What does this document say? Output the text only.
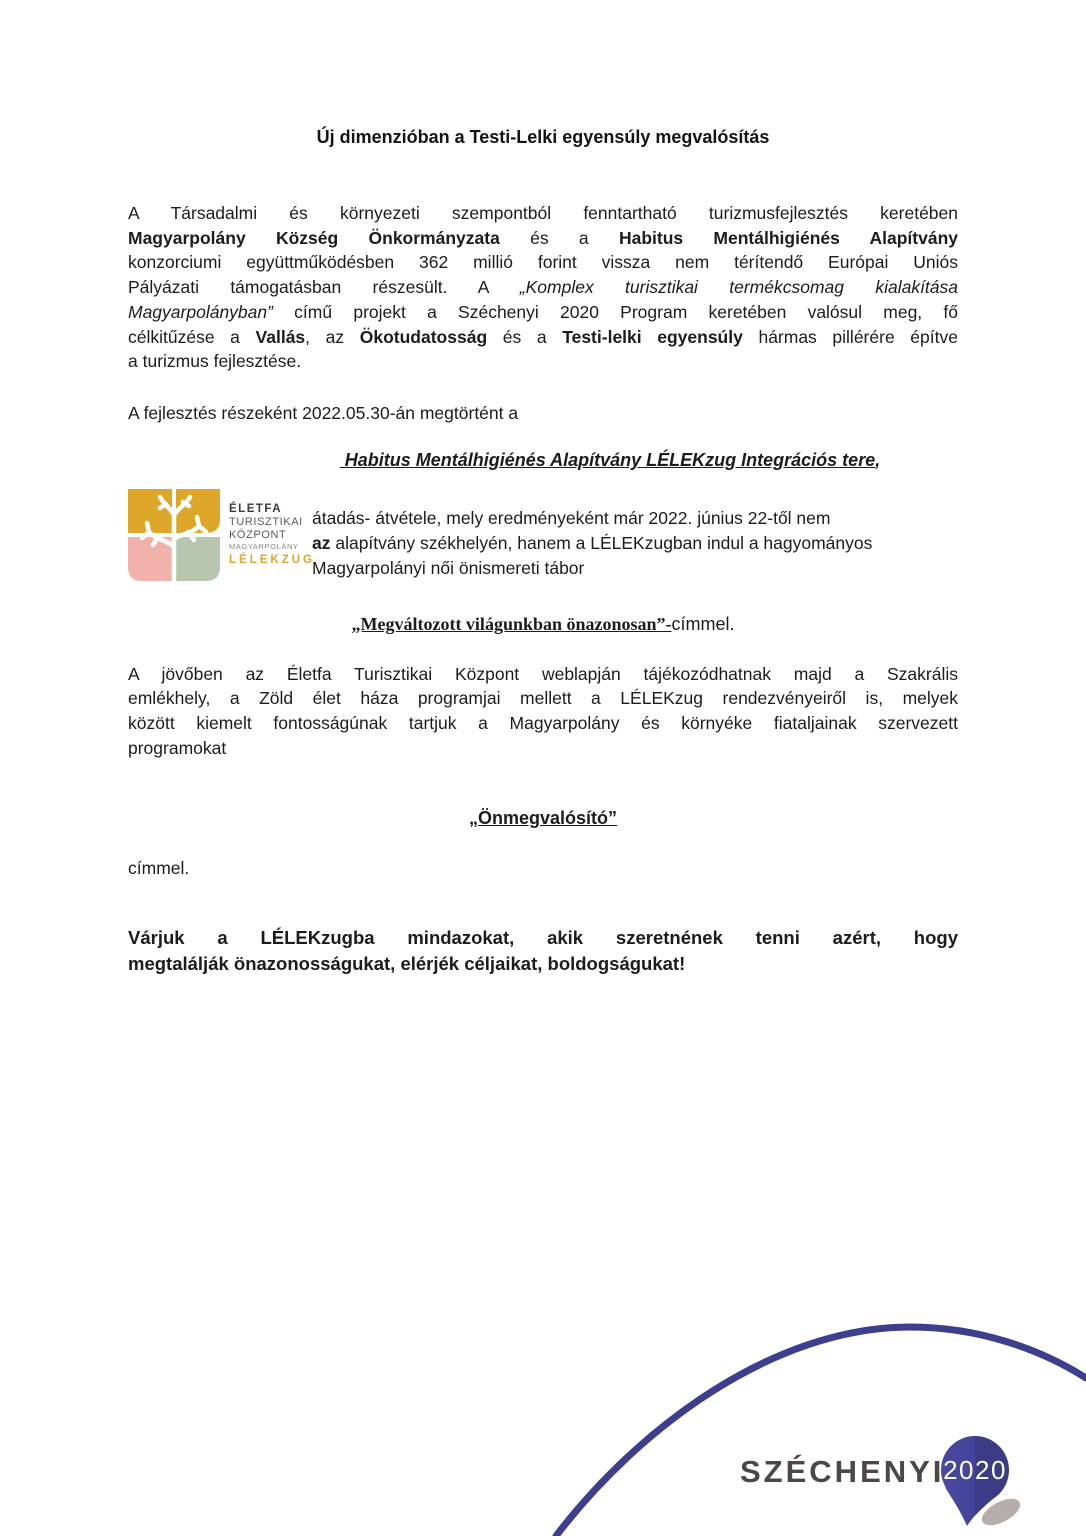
Új dimenzióban a Testi-Lelki egyensúly megvalósítás
A Társadalmi és környezeti szempontból fenntartható turizmusfejlesztés keretében
Magyarpolány Község Önkormányzata és a Habitus Mentálhigiénés Alapítvány
konzorciumi együttműködésben 362 millió forint vissza nem térítendő Európai Uniós
Pályázati támogatásban részesült. A „Komplex turisztikai termékcsomag kialakítása
Magyarpolányban” című projekt a Széchenyi 2020 Program keretében valósul meg, fő
célkitűzése a Vallás, az Ökotudatosság és a Testi-lelki egyensúly hármas pillérére építve
a turizmus fejlesztése.

A fejlesztés részeként 2022.05.30-án megtörtént a

Habitus Mentálhigiénés Alapítvány LÉLEKzug Integrációs tere,

ÉLETFA
TURISZTIKAI
KÖZPONT
MAGYARPOLÁNY
LÉLEKZUG
átadás- átvétele, mely eredményeként már 2022. június 22-től nem
az alapítvány székhelyén, hanem a LÉLEKzugban indul a hagyományos
Magyarpolányi női önismereti tábor

„Megváltozott világunkban önazonosan”-címmel.

A jövőben az Életfa Turisztikai Központ weblapján tájékozódhatnak majd a Szakrális
emlékhely, a Zöld élet háza programjai mellett a LÉLEKzug rendezvényeiről is, melyek
között kiemelt fontosságúnak tartjuk a Magyarpolány és környéke fiataljainak szervezett
programokat

„Önmegvalósító”

címmel.

Várjuk a LÉLEKzugba mindazokat, akik szeretnének tenni azért, hogy
megtalálják önazonosságukat, elérjék céljaikat, boldogságukat!
SZÉCHENYI
2020
